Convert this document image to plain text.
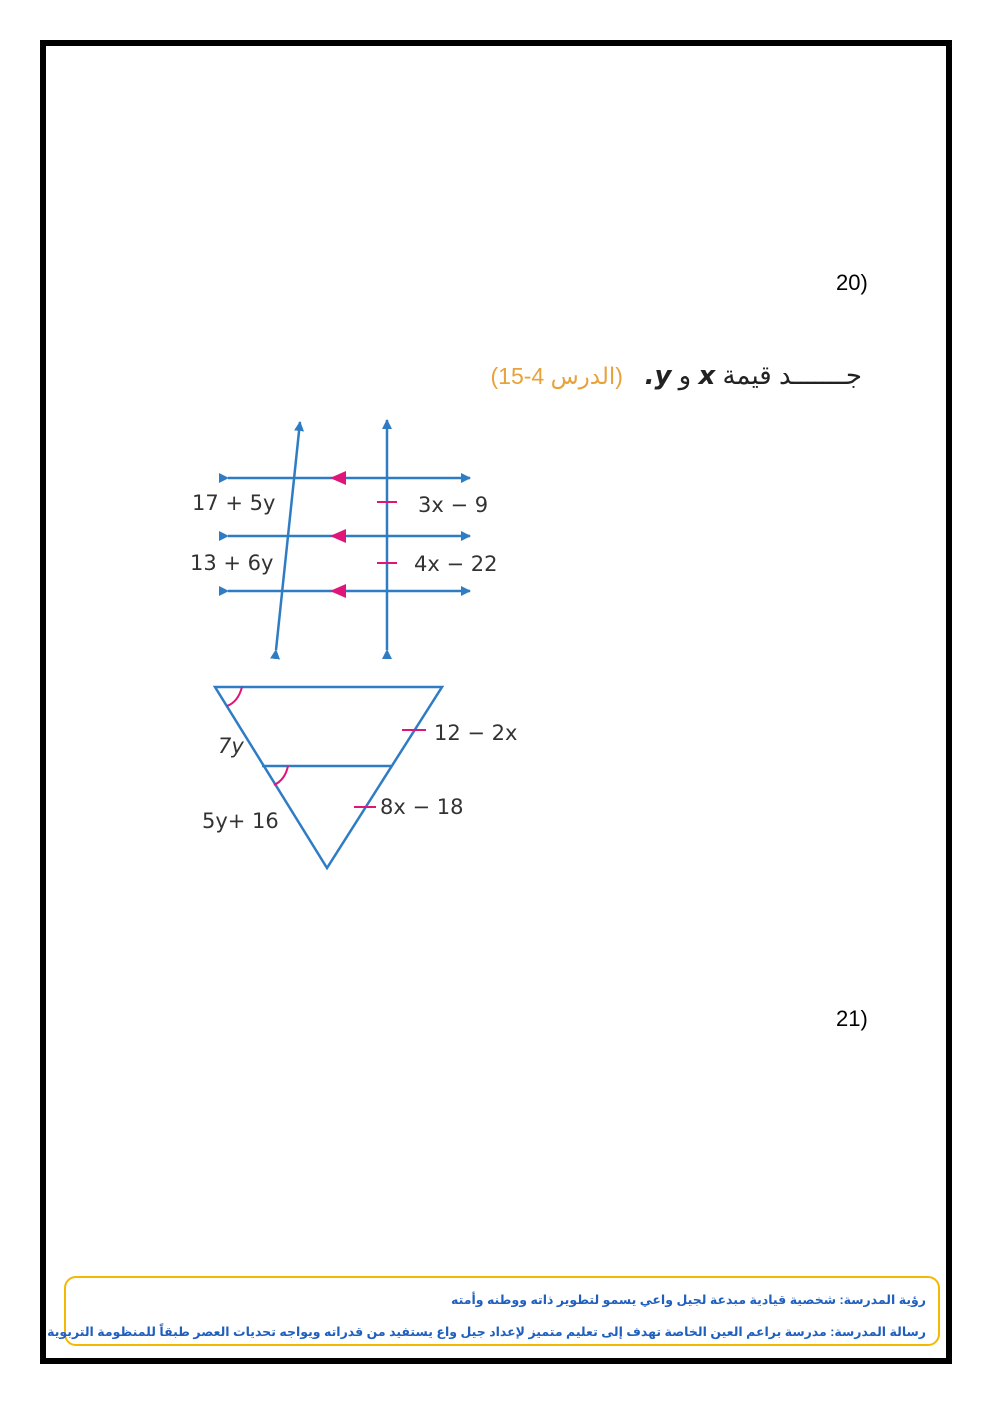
20)
جـــــــد قيمة x و y.   (الدرس 4-15)
17 + 5y	3x − 9
13 + 6y	4x − 22
7y
12 − 2x
5y+ 16
8x − 18
21)
رؤية المدرسة: شخصية قيادية مبدعة لجيل واعي يسمو لتطوير ذاته ووطنه وأمته
رسالة المدرسة: مدرسة براعم العين الخاصة تهدف إلى تعليم متميز لإعداد جيل واع يستفيد من قدراته ويواجه تحديات العصر طبقاً للمنظومة التربوية
